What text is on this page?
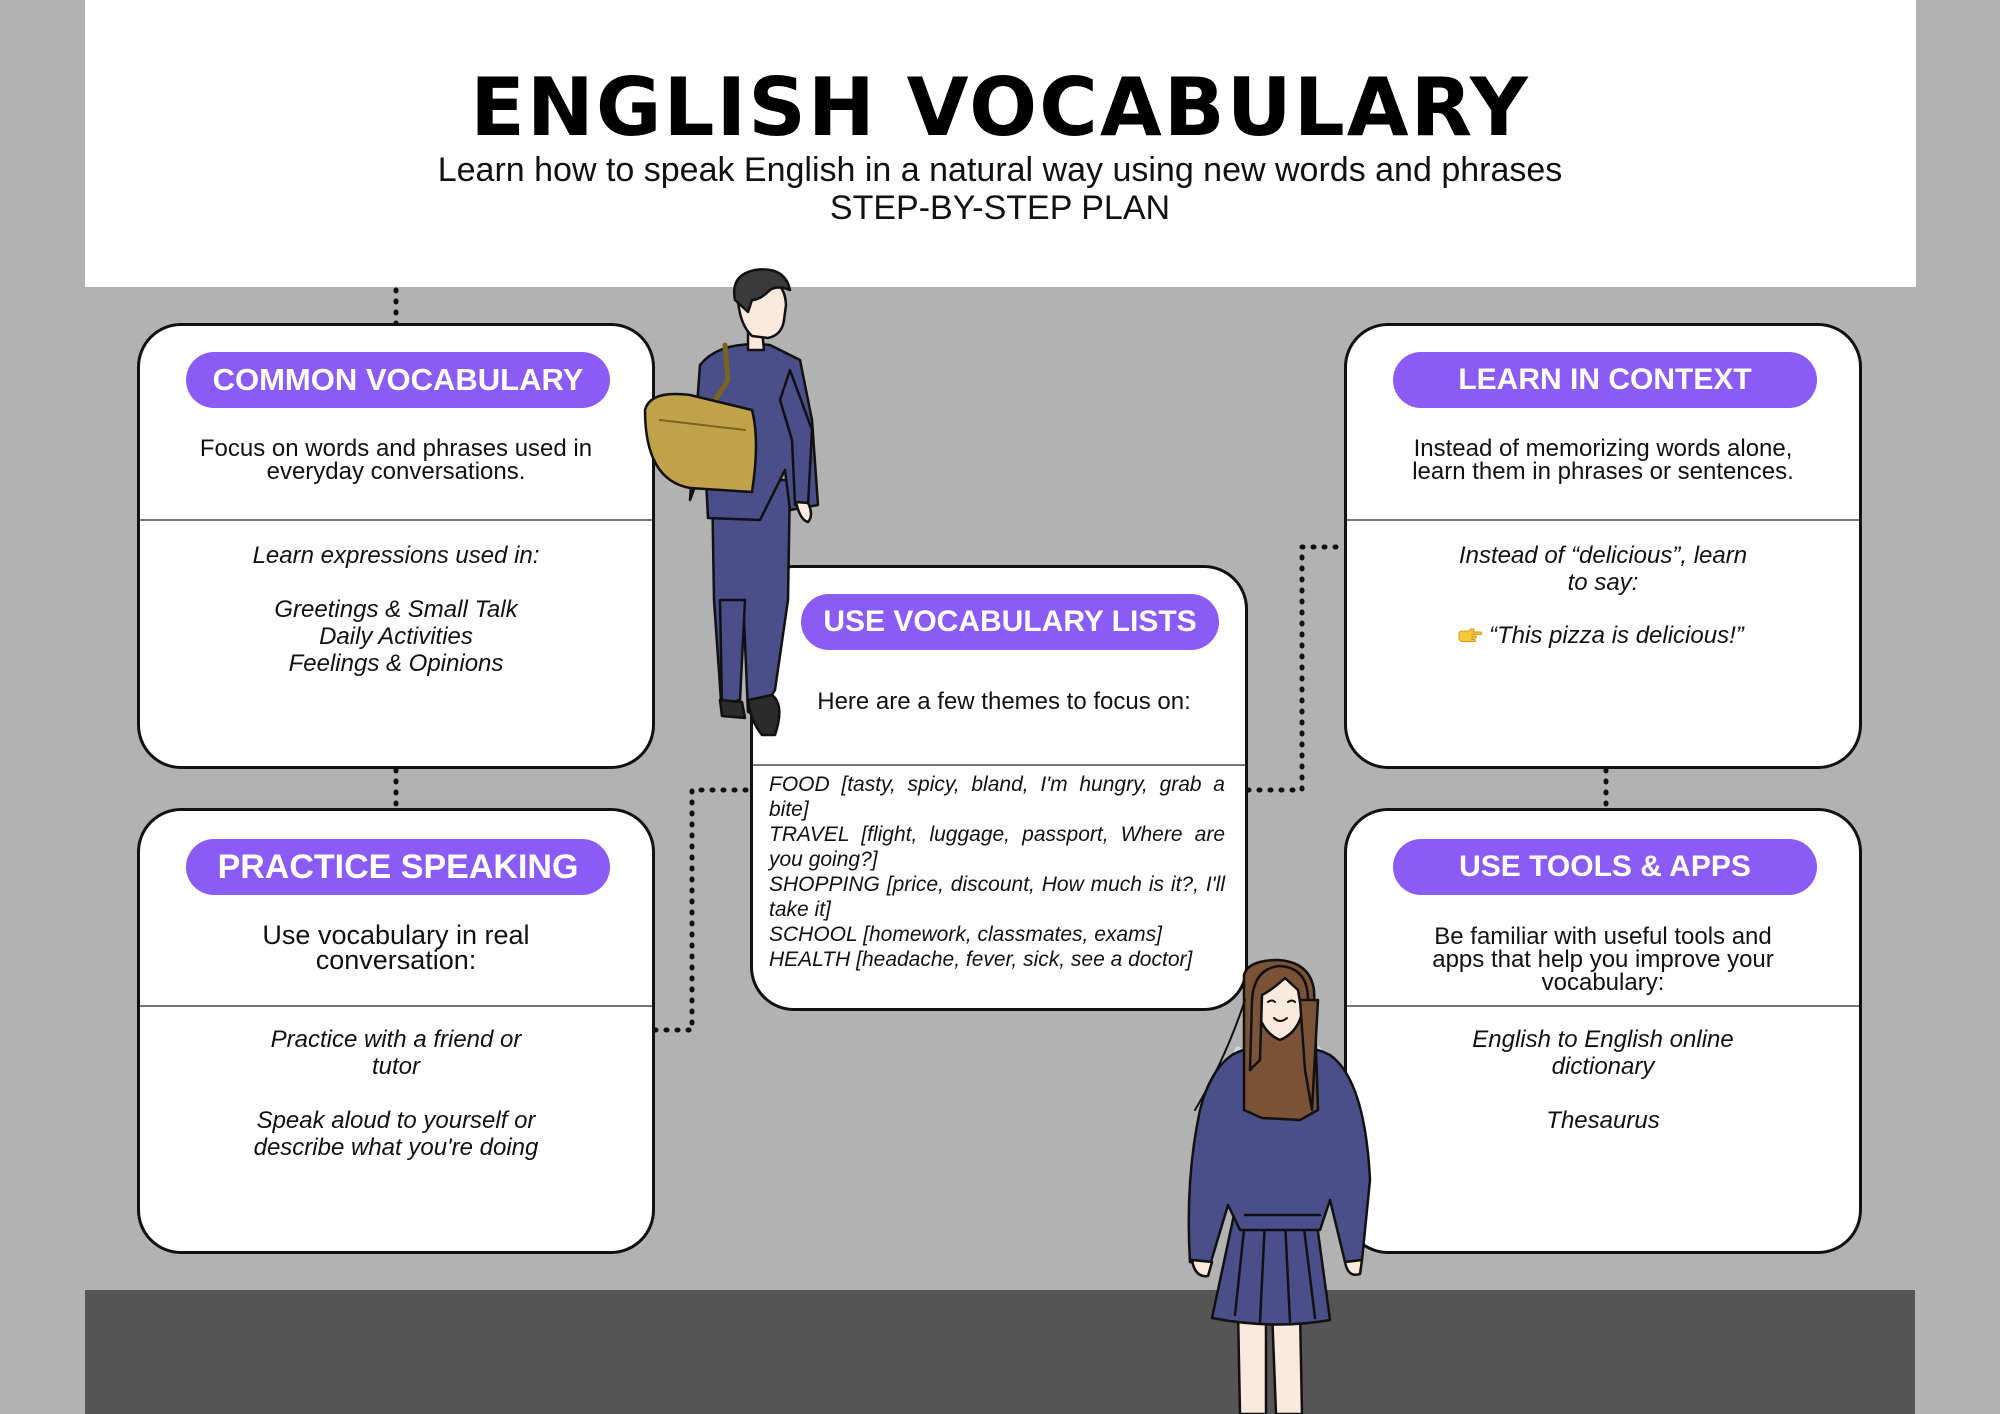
ENGLISH VOCABULARY
Learn how to speak English in a natural way using new words and phrases
STEP-BY-STEP PLAN
COMMON VOCABULARY
Focus on words and phrases used in
everyday conversations.
Learn expressions used in:
Greetings & Small Talk
Daily Activities
Feelings & Opinions
PRACTICE SPEAKING
Use vocabulary in real
conversation:
Practice with a friend or
tutor
Speak aloud to yourself or
describe what you're doing
USE VOCABULARY LISTS
Here are a few themes to focus on:
FOOD [tasty, spicy, bland, I'm hungry, grab a bite]
TRAVEL [flight, luggage, passport, Where are you going?]
SHOPPING [price, discount, How much is it?, I'll take it]
SCHOOL [homework, classmates, exams]
HEALTH [headache, fever, sick, see a doctor]
LEARN IN CONTEXT
Instead of memorizing words alone,
learn them in phrases or sentences.
Instead of “delicious”, learn
to say:
“This pizza is delicious!”
USE TOOLS & APPS
Be familiar with useful tools and
apps that help you improve your
vocabulary:
English to English online
dictionary
Thesaurus
